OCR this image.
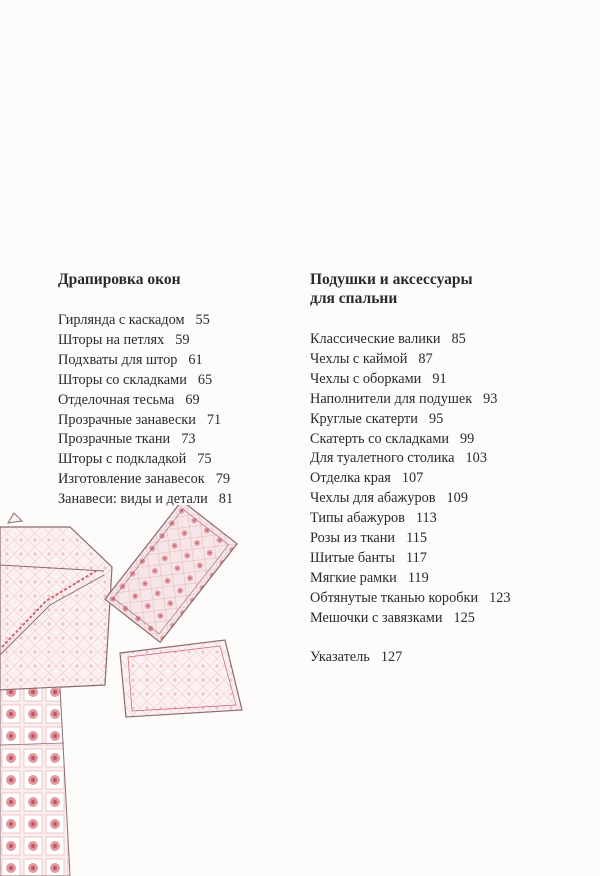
Драпировка окон
Гирлянда с каскадом 55
Шторы на петлях 59
Подхваты для штор 61
Шторы со складками 65
Отделочная тесьма 69
Прозрачные занавески 71
Прозрачные ткани 73
Шторы с подкладкой 75
Изготовление занавесок 79
Занавеси: виды и детали 81
Подушки и аксессуары
для спальни
Классические валики 85
Чехлы с каймой 87
Чехлы с оборками 91
Наполнители для подушек 93
Круглые скатерти 95
Скатерть со складками 99
Для туалетного столика 103
Отделка края 107
Чехлы для абажуров 109
Типы абажуров 113
Розы из ткани 115
Шитые банты 117
Мягкие рамки 119
Обтянутые тканью коробки 123
Мешочки с завязками 125
Указатель 127
